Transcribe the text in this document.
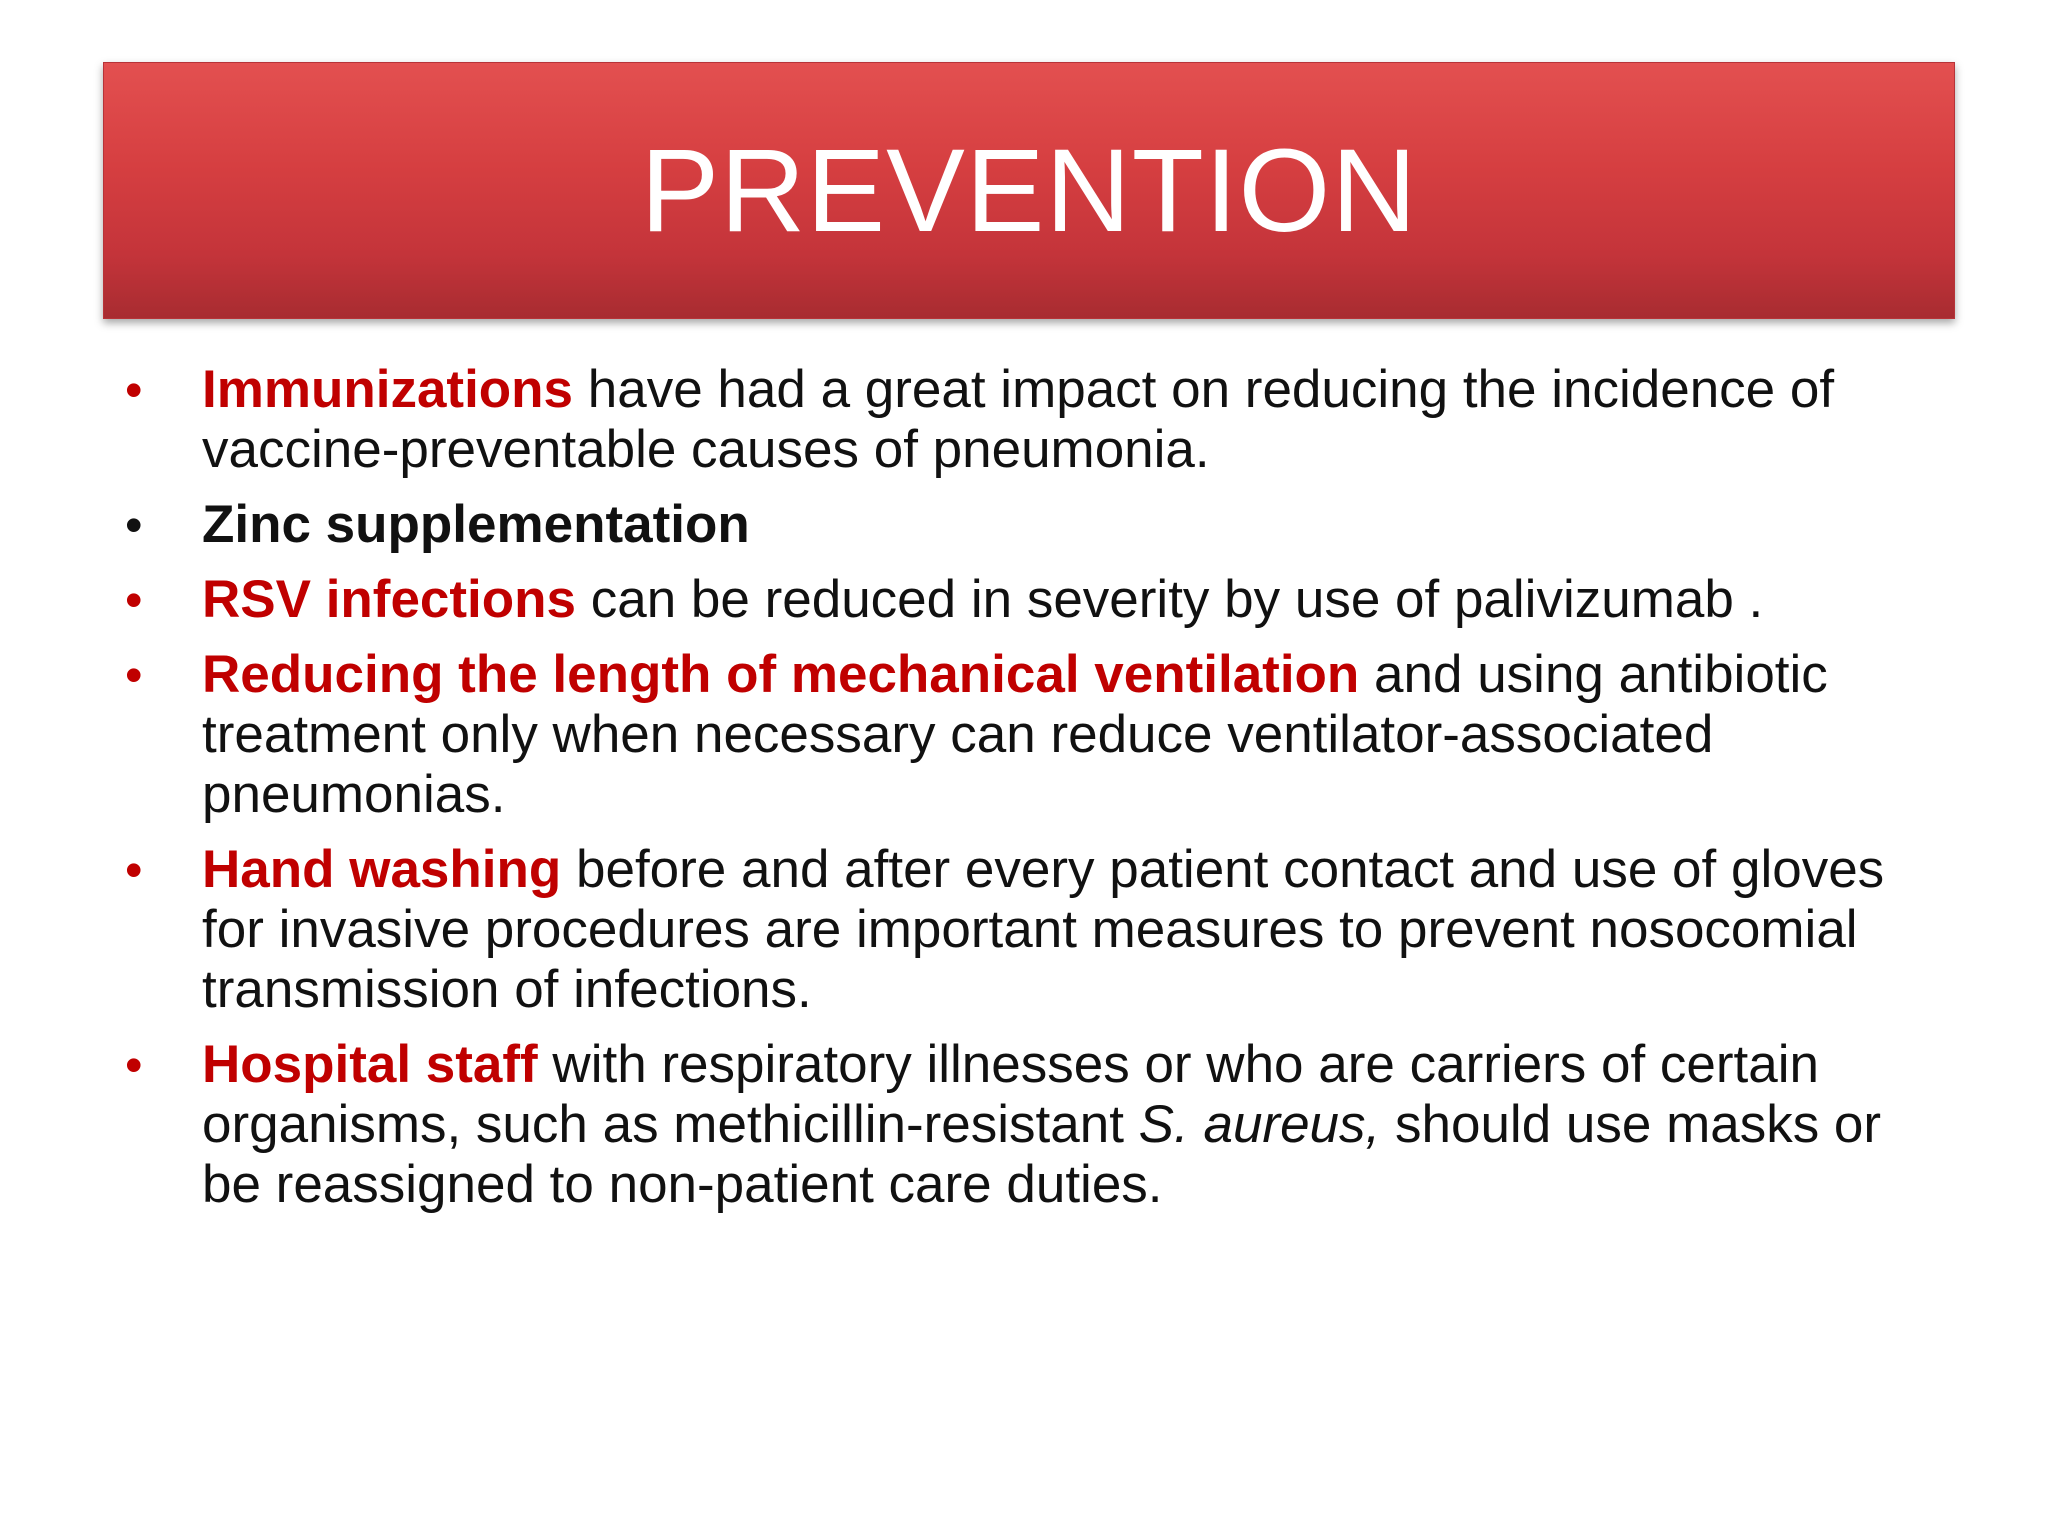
PREVENTION
•	Immunizations have had a great impact on reducing the incidence of vaccine-preventable causes of pneumonia.
•	Zinc supplementation
•	RSV infections can be reduced in severity by use of palivizumab .
•	Reducing the length of mechanical ventilation and using antibiotic treatment only when necessary can reduce ventilator-associated pneumonias.
•	Hand washing before and after every patient contact and use of gloves for invasive procedures are important measures to prevent nosocomial transmission of infections.
•	Hospital staff with respiratory illnesses or who are carriers of certain organisms, such as methicillin-resistant S. aureus, should use masks or be reassigned to non-patient care duties.
